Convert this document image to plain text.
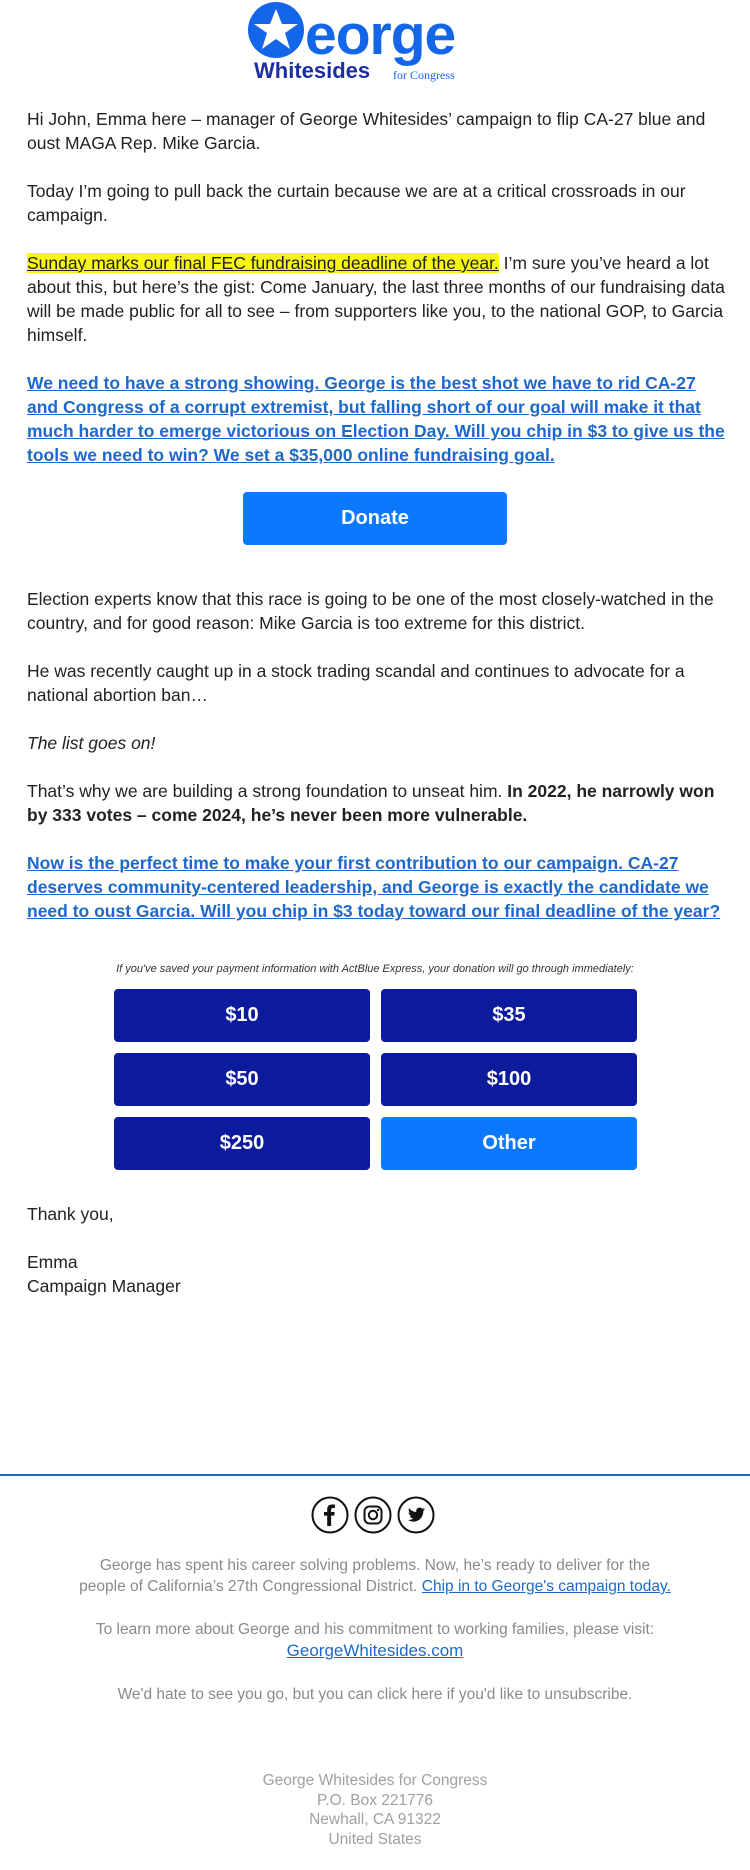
eorge
Whitesides for Congress

Hi John, Emma here – manager of George Whitesides’ campaign to flip CA-27 blue and oust MAGA Rep. Mike Garcia.

Today I’m going to pull back the curtain because we are at a critical crossroads in our campaign.

Sunday marks our final FEC fundraising deadline of the year. I’m sure you’ve heard a lot about this, but here’s the gist: Come January, the last three months of our fundraising data will be made public for all to see – from supporters like you, to the national GOP, to Garcia himself.

We need to have a strong showing. George is the best shot we have to rid CA-27 and Congress of a corrupt extremist, but falling short of our goal will make it that much harder to emerge victorious on Election Day. Will you chip in $3 to give us the tools we need to win? We set a $35,000 online fundraising goal.

Donate

Election experts know that this race is going to be one of the most closely-watched in the country, and for good reason: Mike Garcia is too extreme for this district.

He was recently caught up in a stock trading scandal and continues to advocate for a national abortion ban…

The list goes on!

That’s why we are building a strong foundation to unseat him. In 2022, he narrowly won by 333 votes – come 2024, he’s never been more vulnerable.

Now is the perfect time to make your first contribution to our campaign. CA-27 deserves community-centered leadership, and George is exactly the candidate we need to oust Garcia. Will you chip in $3 today toward our final deadline of the year?

If you've saved your payment information with ActBlue Express, your donation will go through immediately:
$10	$35
$50	$100
$250	Other

Thank you,

Emma
Campaign Manager

George has spent his career solving problems. Now, he’s ready to deliver for the people of California’s 27th Congressional District. Chip in to George's campaign today.

To learn more about George and his commitment to working families, please visit:
GeorgeWhitesides.com

We'd hate to see you go, but you can click here if you'd like to unsubscribe.

George Whitesides for Congress
P.O. Box 221776
Newhall, CA 91322
United States
